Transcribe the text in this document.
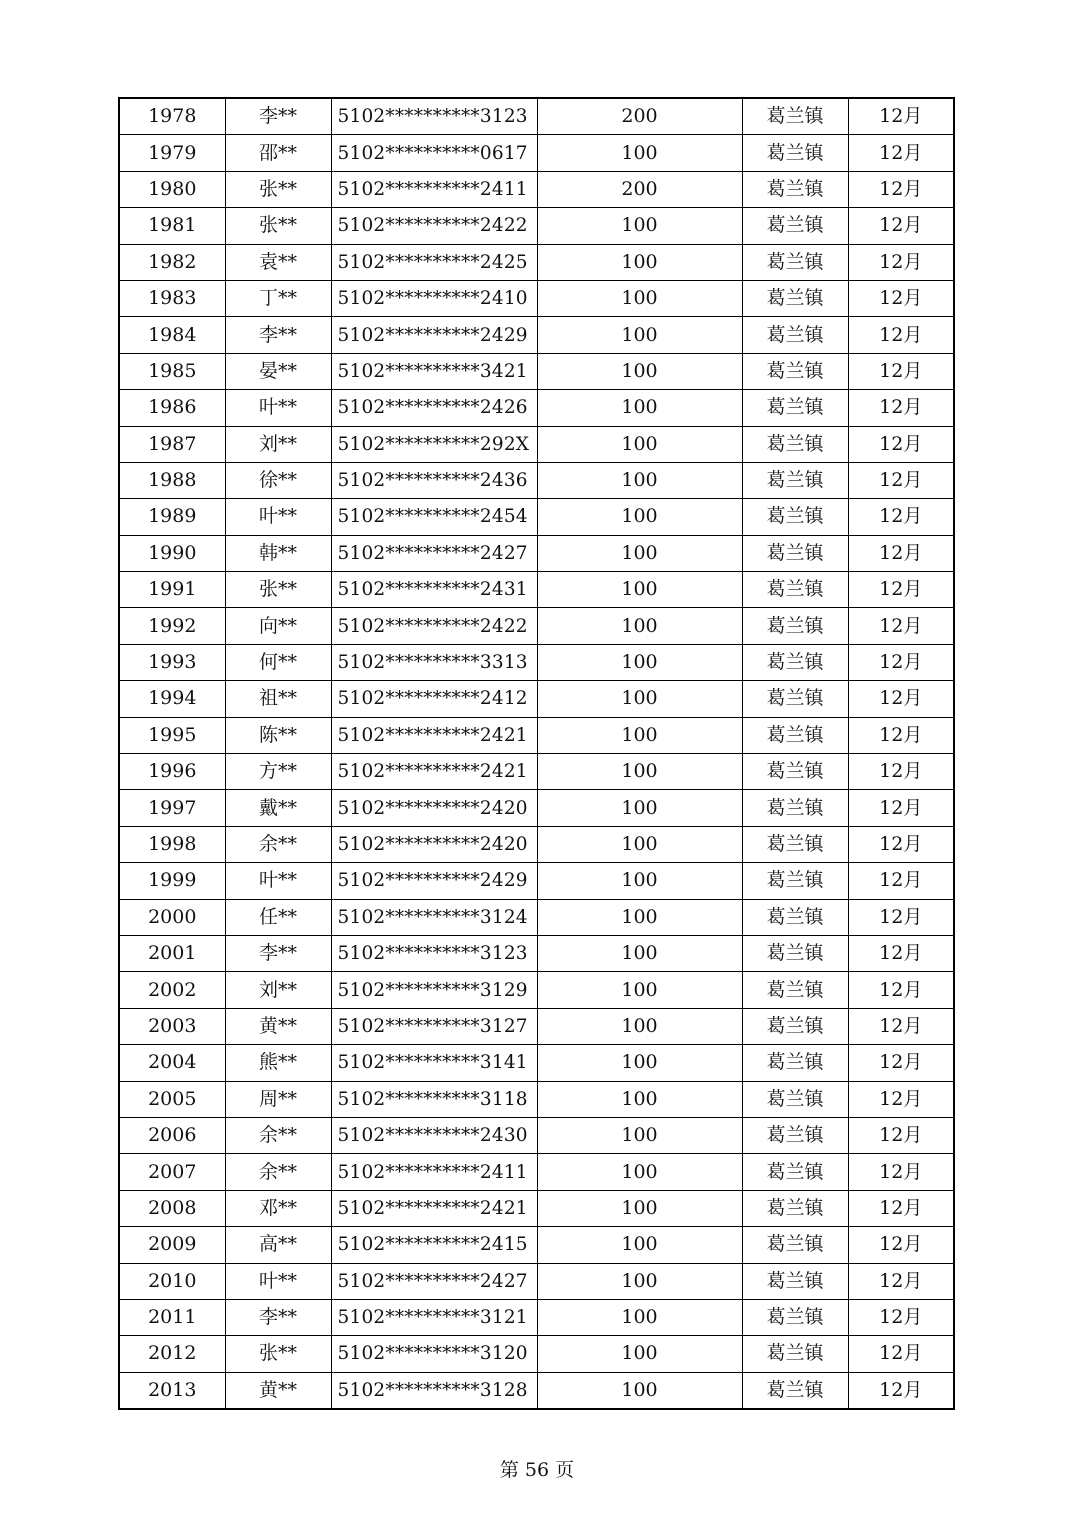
1978	李**	5102**********3123	200	葛兰镇	12月
1979	邵**	5102**********0617	100	葛兰镇	12月
1980	张**	5102**********2411	200	葛兰镇	12月
1981	张**	5102**********2422	100	葛兰镇	12月
1982	袁**	5102**********2425	100	葛兰镇	12月
1983	丁**	5102**********2410	100	葛兰镇	12月
1984	李**	5102**********2429	100	葛兰镇	12月
1985	晏**	5102**********3421	100	葛兰镇	12月
1986	叶**	5102**********2426	100	葛兰镇	12月
1987	刘**	5102**********292X	100	葛兰镇	12月
1988	徐**	5102**********2436	100	葛兰镇	12月
1989	叶**	5102**********2454	100	葛兰镇	12月
1990	韩**	5102**********2427	100	葛兰镇	12月
1991	张**	5102**********2431	100	葛兰镇	12月
1992	向**	5102**********2422	100	葛兰镇	12月
1993	何**	5102**********3313	100	葛兰镇	12月
1994	祖**	5102**********2412	100	葛兰镇	12月
1995	陈**	5102**********2421	100	葛兰镇	12月
1996	方**	5102**********2421	100	葛兰镇	12月
1997	戴**	5102**********2420	100	葛兰镇	12月
1998	余**	5102**********2420	100	葛兰镇	12月
1999	叶**	5102**********2429	100	葛兰镇	12月
2000	任**	5102**********3124	100	葛兰镇	12月
2001	李**	5102**********3123	100	葛兰镇	12月
2002	刘**	5102**********3129	100	葛兰镇	12月
2003	黄**	5102**********3127	100	葛兰镇	12月
2004	熊**	5102**********3141	100	葛兰镇	12月
2005	周**	5102**********3118	100	葛兰镇	12月
2006	余**	5102**********2430	100	葛兰镇	12月
2007	余**	5102**********2411	100	葛兰镇	12月
2008	邓**	5102**********2421	100	葛兰镇	12月
2009	高**	5102**********2415	100	葛兰镇	12月
2010	叶**	5102**********2427	100	葛兰镇	12月
2011	李**	5102**********3121	100	葛兰镇	12月
2012	张**	5102**********3120	100	葛兰镇	12月
2013	黄**	5102**********3128	100	葛兰镇	12月
第 56 页
